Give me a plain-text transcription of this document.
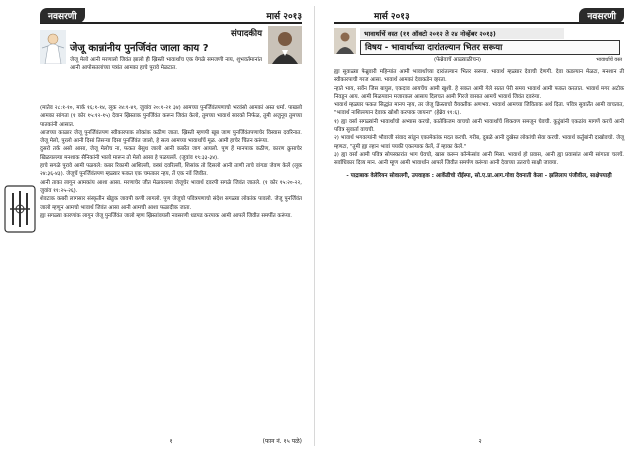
नवसरणी	मार्स २०१३
संपादकीय
जेजू कान्नांनीय पुनर्जिवंत जाला काय ?
जेजू मेलो आनी मरणालो जिवंत झालो ही ख्रिस्ती भावार्थाच एक येगळे समजणी नाय, शुभवर्तमानांत आनी आपोसतलांच्या पत्रांत आमका हाचे पुरावे मेळटात.

(मातेव २८:१-१०, मार्क १६:१-१४, लूक २४:१-४९, जुवांव २०:१-२१ ३४) आमच्या पुनर्जिवंतपणाचो भरवंसो आमकां अस्त धर्मा. पाखलो आमका सांगता (१ कोर १५:१२-१५) देवान ख्रिस्ताक पुनर्जिवंत करून जिवंत केलो, तुमच्या भावार्थ सारको निर्फळ, तुमी अजुनूय तुमच्या पातकांनी आसात.

आजच्या काळार जेजू पुनर्जिवंतपण स्वीकारपाक लोकांक कठीण जाता. ख्रिस्ती म्हणपी खूब जाण पुनर्जिवंतपणाचेर विस्वास दवरिनात. जेजू मेलो, पुरलो आनी दिसां तिसऱ्या दिसा पुनर्जिवंत जालो, हे सत्य आमच्या भावार्थाचें मूळ. आमी हाचेर चिंतन करूंया.

दुसरो तर्क असो आसा, जेजू मेलोच ना, फकत बेसुध जालो आनी कबरेंत जाग आयलो. पूण हें मानपाक कठीण, कारण क्रुसाचेर खिळयल्ल्या मनशाक सैनिकांनी भालो मारून तो मेलो आसा हे पळयल्लें. (जुवांव १९:३३-३४).

हाचे सगळे पुरावे आमी पळयले: कबर रिकामी आशिल्ली, वस्त्रां दवरिल्लीं, शिसांक तो दिसलो आनी ताणी ताचे वांगडा जेवण केलें (लूक २४:३६-४३). जेजूचें पुनर्जिवंतपण म्हळ्यार फकत एक चमत्कार न्हय, तें एक नवें जिवीत.

आनी ताका लागून आमकांय आशा आसा. मरणाचेर जीत मेळयल्ल्या जेजूचेर भावार्थ दवरपी सगळे जिवंत जातले. (१ कोर १५:२०-२२, जुवांव ११:२५-२६).

शेवटाक कबरी लागसार संस्कृतीन खेडूक जावपी कणी लागलो. पूण जेजूचो पवित्रपणाचो संदेश सगळ्या लोकांक पावलो. जेजू पुनर्जिवंत जालो म्हणून आमचो भावार्थ जिवंत आसा आनी आमची आशा फळादीक जाता.

ह्या सगळ्या कारणांक लागून जेजू पुनर्जिवंत जालो म्हण ख्रिस्तांवयली नवसरणी धडपड करपाक आमी आपलें जिवीत समर्पीत करूंया.

१	(फान नं. १५ पळे)
मार्स २०१३	नवसरणी
भावार्थाचें वस्त (११ ऑक्टो २०१२ ते २४ नोव्हेंबर २०१३)
विषय - भावार्थाच्या दारांतल्यान भितर सरूया
(फेब्रेवाचें आळ्याळीचन)	भावार्थाचें वस्त

ह्या सुवाळ्या फेब्रुवारी महिन्यांत आमी भावार्थाच्या दारांतल्यान भितर सरूया. भावार्थ म्हळ्यार देवाची देणगी. देवा कडल्यान मेळटा, मनशान ती स्वीकारपाची गरज आसा. भावार्थ आमकां देवाकडेन व्हरता.

न्हाते भाय, सर्वेन जिस बायुल, एकदाव आयचेंच आमी खुशी. हे सकत आमी गेले सतत पेरी समय भावार्थ आमी फकत करतात. भावार्थ मगर अटोक निवडून आय. आमी मिळपवान मजारकल आसाय दिलचत आमी गिरजे वासात आमचें भावार्थ जिवंत दवरुंया.

भावार्थ म्हळ्यार फकत सिद्धांत मानप न्हय, तर जेजू क्रिस्ताचो वैयक्तीक अणभव. भावार्थ आमच्या जिविताक अर्थ दिता. पवित्र सुवार्तेंत आमी वाचतात, "भावार्थ नाशिल्ल्यान देवाक खोशी करपाक जायना" (हेब्रेव ११:६).

१) ह्या वर्सा सगळ्यांनी भावार्थाचो अभ्यास करचो, कातेकिजम वाचचो आनी भावार्थाचें शिकवण समजून घेवची. कुटुंबांनी एकठांय मागणें करचें आनी पवित्र सुवार्ता वाचची.

२) भावार्थ भगवल्यांनी भौवाजी संवाद सांडून एकामेकांक मदत करची. गरीब, दुबळे आनी दुखेस्त लोकांची सेवा करची. भावार्थ कर्तुबांनी दाखोवचो. जेजू म्हणटा, "तुमी ह्या ल्हान भावां पयकी एकल्याक केलें, तें म्हाका केलें."

३) ह्या वर्सा आमी पवित्र सोपस्कारांत भाग घेवचो, खास करून कॉन्फेसांव आनी मिसा. भावार्थ हो प्रवास, आनी ह्या प्रवासांत आमी सांगाता चलचें. सर्वाधिकार दिव्य मान. आनी म्हूण आमी भावार्थान आपलें जिवीत समर्पण करूंया आनी देवाच्या उतराचे साक्षी जावया.

- पाद्राबाक वेलेरियन सोवालगी, उपवाहक : आर्केडीचो रॉईस्पा, सो.ए.प्रा.आग.गोवा देवनाती केला - झलिलाप पंजीवील, साक्षेपयाही
२
